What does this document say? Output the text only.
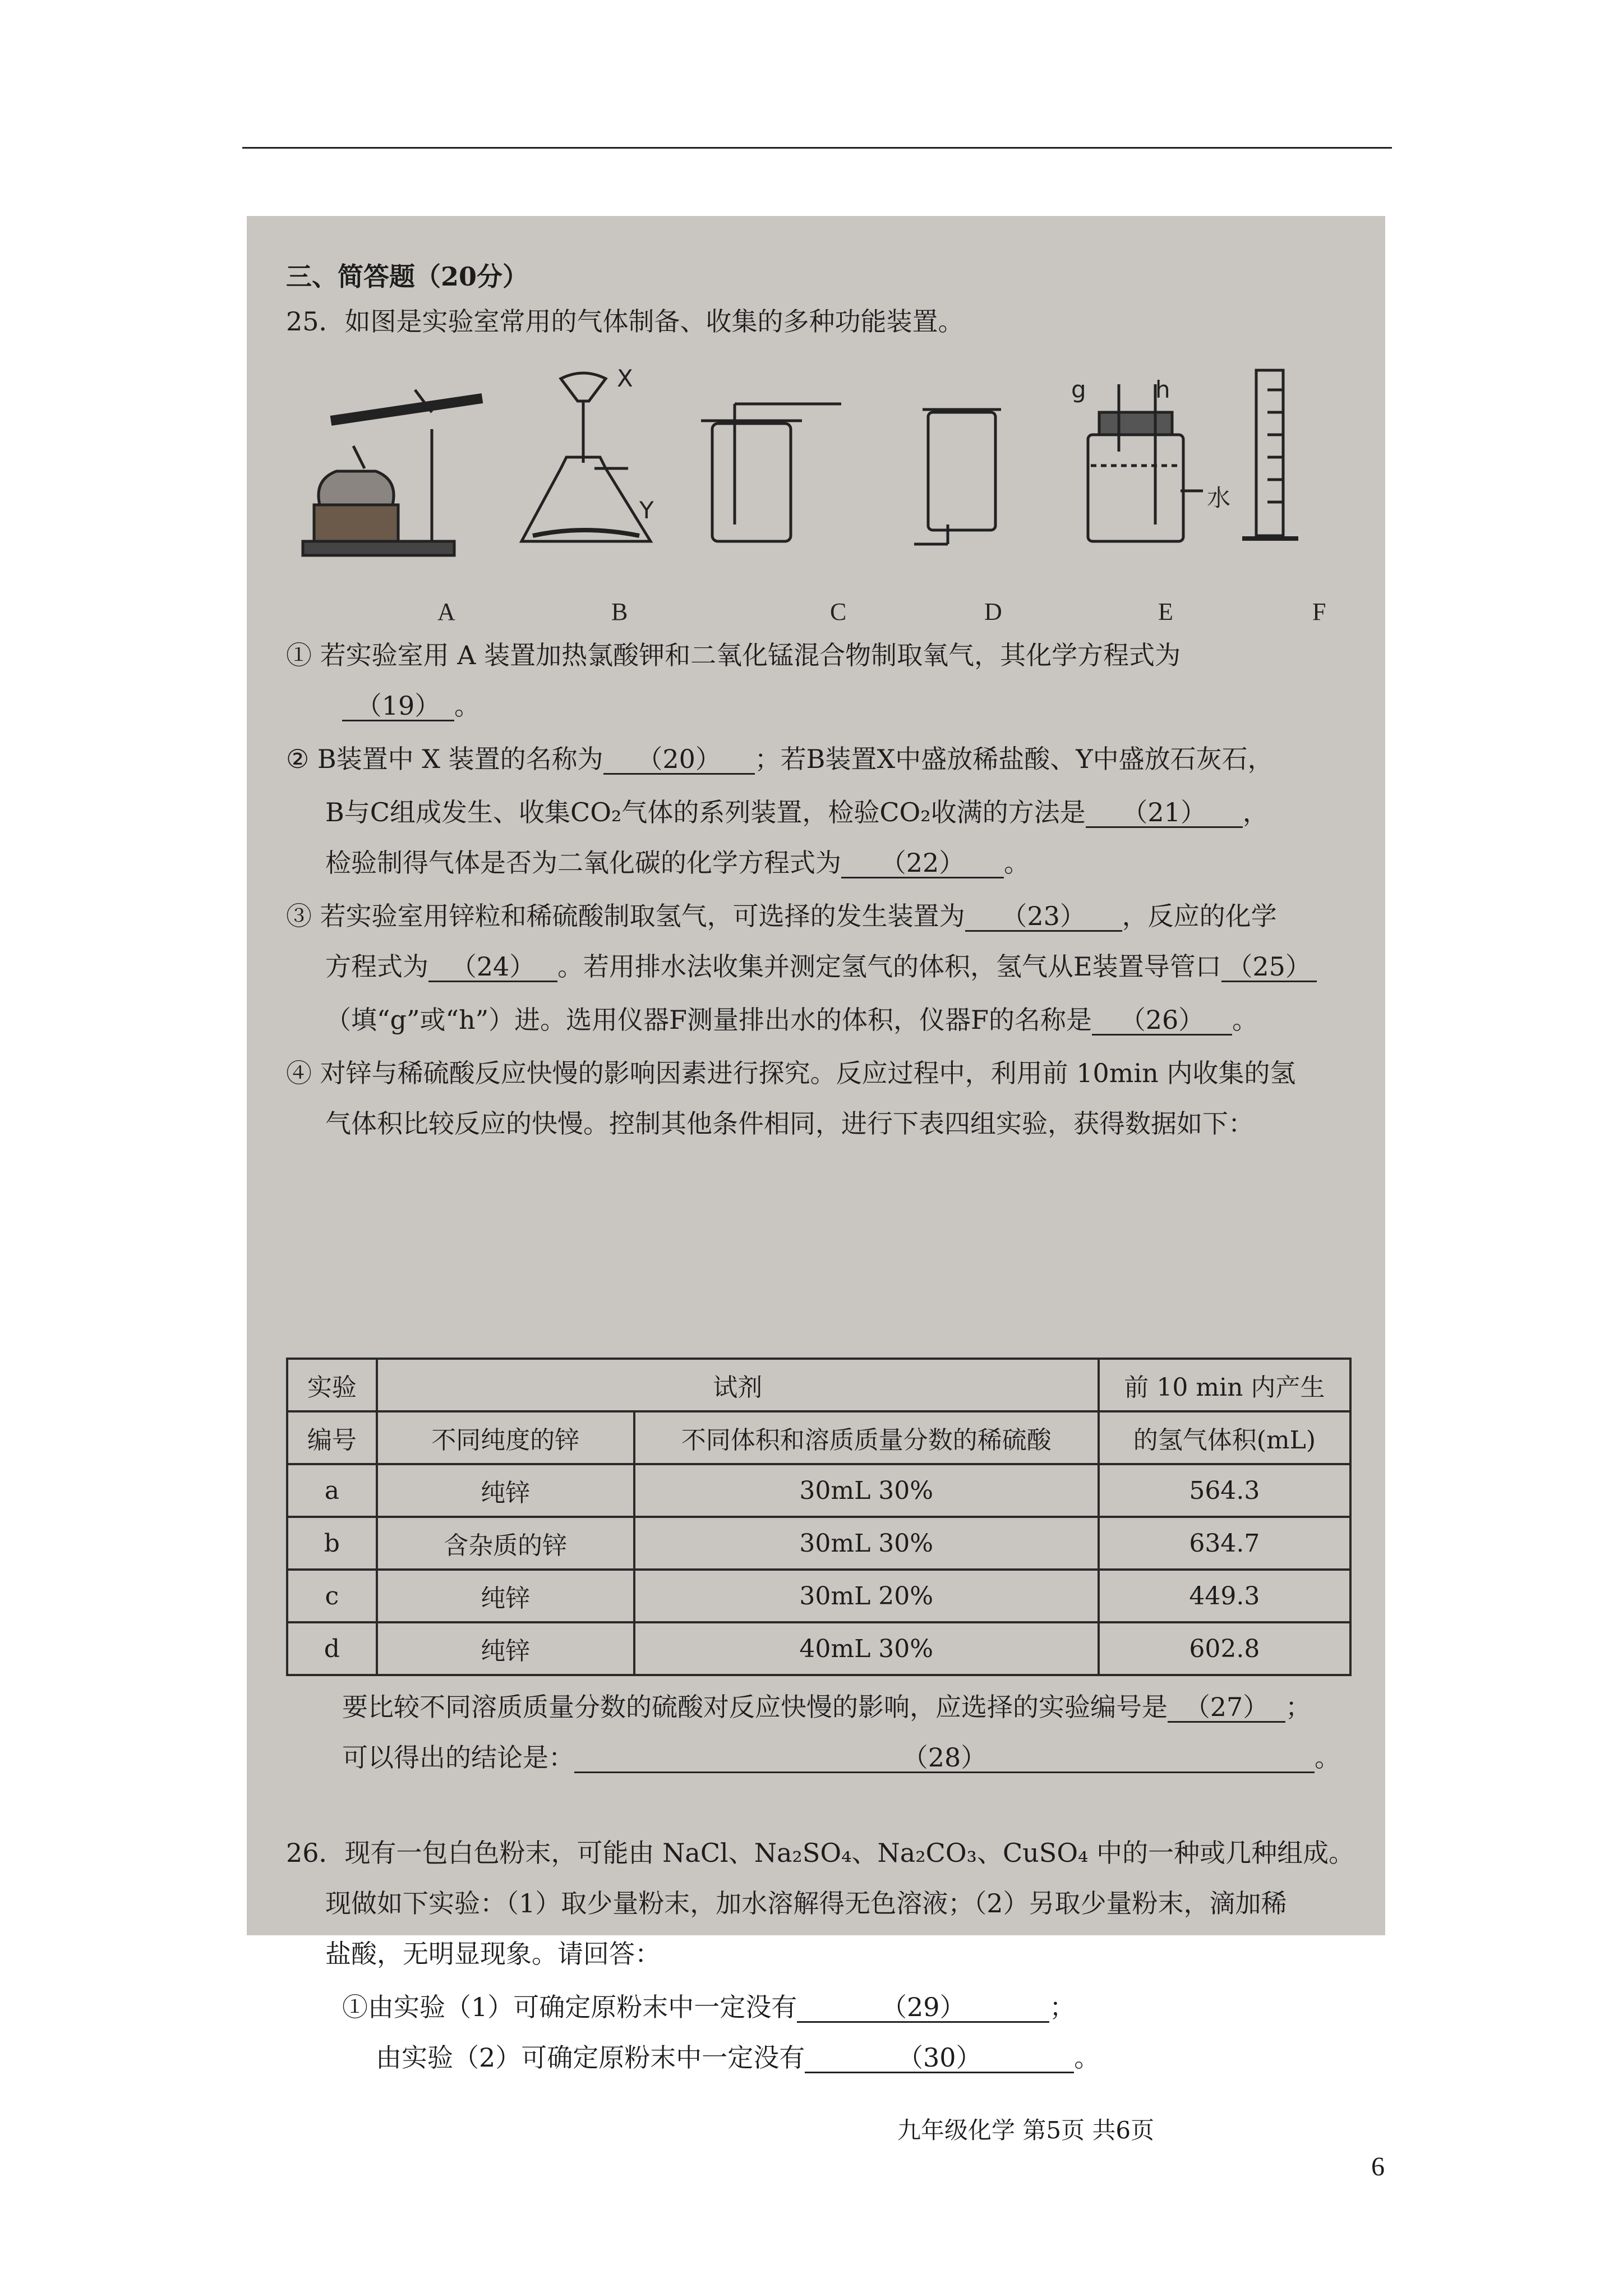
三、简答题（20分）
25．如图是实验室常用的气体制备、收集的多种功能装置。
X
Y
g	h
水
A	B	C	D	E	F
① 若实验室用 A 装置加热氯酸钾和二氧化锰混合物制取氧气，其化学方程式为
（19） 。
② B装置中 X 装置的名称为 （20） ；若B装置X中盛放稀盐酸、Y中盛放石灰石，
B与C组成发生、收集CO₂气体的系列装置，检验CO₂收满的方法是 （21） ，
检验制得气体是否为二氧化碳的化学方程式为 （22） 。
③ 若实验室用锌粒和稀硫酸制取氢气，可选择的发生装置为 （23） ，反应的化学
方程式为 （24） 。若用排水法收集并测定氢气的体积，氢气从E装置导管口 （25）
（填“g”或“h”）进。选用仪器F测量排出水的体积，仪器F的名称是 （26） 。
④ 对锌与稀硫酸反应快慢的影响因素进行探究。反应过程中，利用前 10min 内收集的氢
气体积比较反应的快慢。控制其他条件相同，进行下表四组实验，获得数据如下：
实验	试剂		前 10 min 内产生
编号	不同纯度的锌	不同体积和溶质质量分数的稀硫酸	的氢气体积(mL)
a	纯锌	30mL 30%	564.3
b	含杂质的锌	30mL 30%	634.7
c	纯锌	30mL 20%	449.3
d	纯锌	40mL 30%	602.8
要比较不同溶质质量分数的硫酸对反应快慢的影响，应选择的实验编号是 （27） ；
可以得出的结论是：	（28）	。
26．现有一包白色粉末，可能由 NaCl、Na₂SO₄、Na₂CO₃、CuSO₄ 中的一种或几种组成。
现做如下实验：（1）取少量粉末，加水溶解得无色溶液；（2）另取少量粉末，滴加稀
盐酸，无明显现象。请回答：
①由实验（1）可确定原粉末中一定没有	（29）	；
由实验（2）可确定原粉末中一定没有	（30）	。
九年级化学 第5页 共6页
6
